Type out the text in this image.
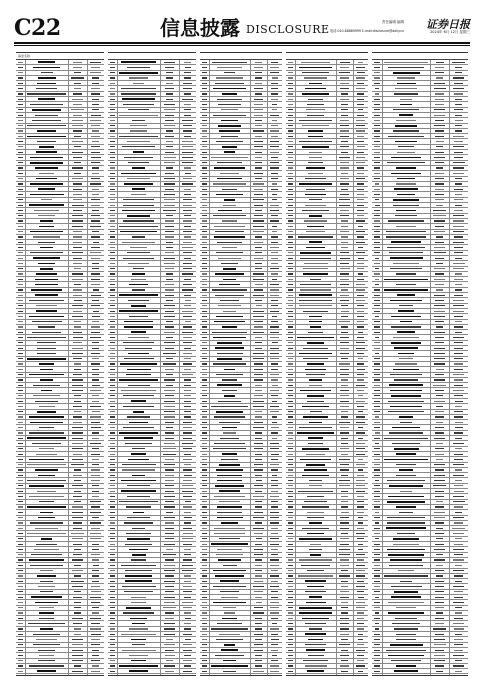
C22	信息披露 DISCLOSURE
责任编辑 编辑
电话:010-88889999 E-mail:disclosure@daily.cn 证券日报
2024年 6月 12日 星期三
基金名称
